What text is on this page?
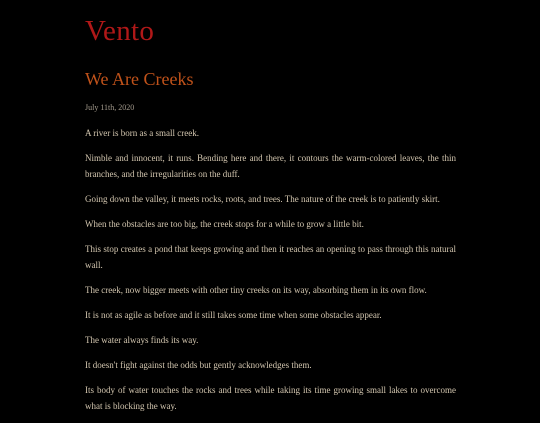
Vento
We Are Creeks
July 11th, 2020

A river is born as a small creek.

Nimble and innocent, it runs. Bending here and there, it contours the warm-colored leaves, the thin branches, and the irregularities on the duff.

Going down the valley, it meets rocks, roots, and trees. The nature of the creek is to patiently skirt.

When the obstacles are too big, the creek stops for a while to grow a little bit.

This stop creates a pond that keeps growing and then it reaches an opening to pass through this natural wall.

The creek, now bigger meets with other tiny creeks on its way, absorbing them in its own flow.

It is not as agile as before and it still takes some time when some obstacles appear.

The water always finds its way.

It doesn't fight against the odds but gently acknowledges them.

Its body of water touches the rocks and trees while taking its time growing small lakes to overcome what is blocking the way.
